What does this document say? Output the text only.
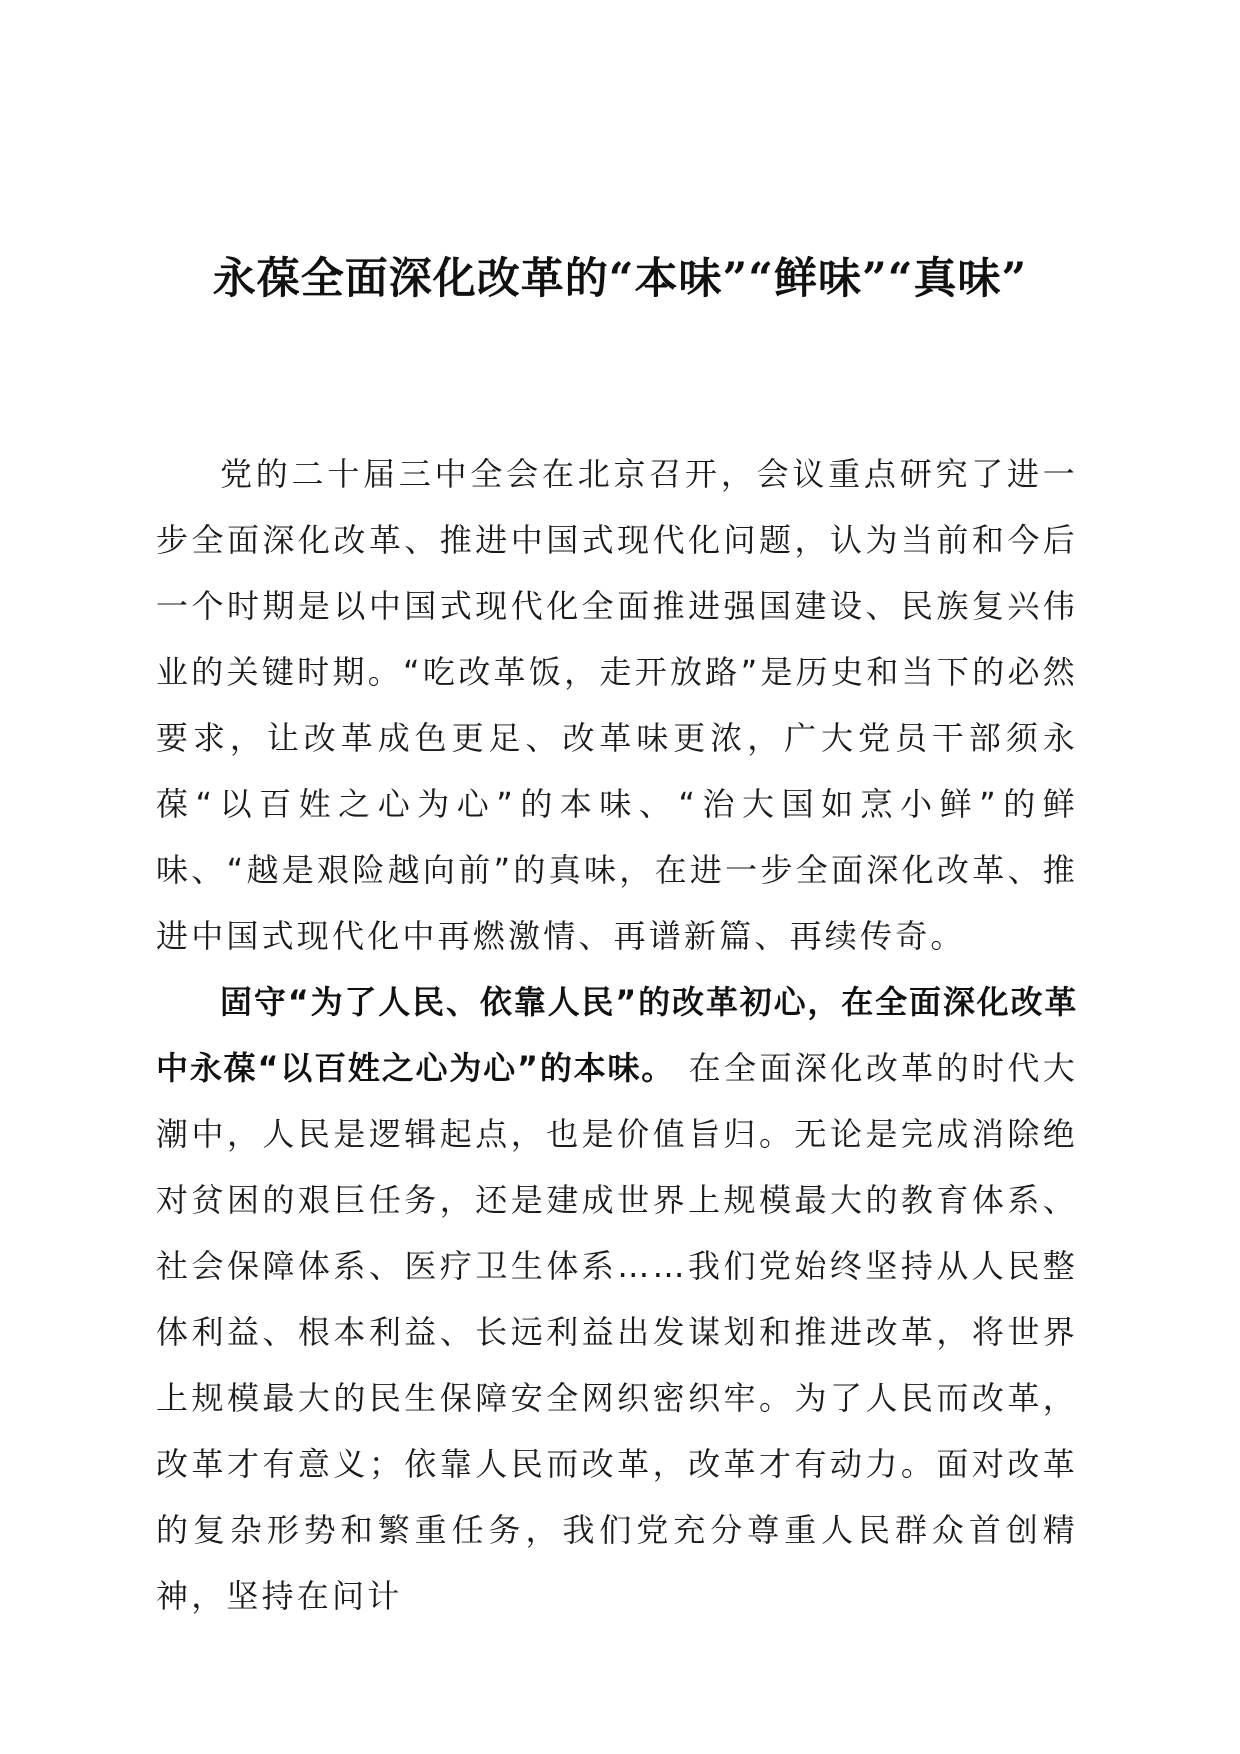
永葆全面深化改革的“本味”“鲜味”“真味”

党的二十届三中全会在北京召开，会议重点研究了进一步全面深化改革、推进中国式现代化问题，认为当前和今后一个时期是以中国式现代化全面推进强国建设、民族复兴伟业的关键时期。“吃改革饭，走开放路”是历史和当下的必然要求，让改革成色更足、改革味更浓，广大党员干部须永葆“以百姓之心为心”的本味、“治大国如烹小鲜”的鲜味、“越是艰险越向前”的真味，在进一步全面深化改革、推进中国式现代化中再燃激情、再谱新篇、再续传奇。

固守“为了人民、依靠人民”的改革初心，在全面深化改革中永葆“以百姓之心为心”的本味。 在全面深化改革的时代大潮中，人民是逻辑起点，也是价值旨归。无论是完成消除绝对贫困的艰巨任务，还是建成世界上规模最大的教育体系、社会保障体系、医疗卫生体系……我们党始终坚持从人民整体利益、根本利益、长远利益出发谋划和推进改革，将世界上规模最大的民生保障安全网织密织牢。为了人民而改革，改革才有意义；依靠人民而改革，改革才有动力。面对改革的复杂形势和繁重任务，我们党充分尊重人民群众首创精神，坚持在问计
